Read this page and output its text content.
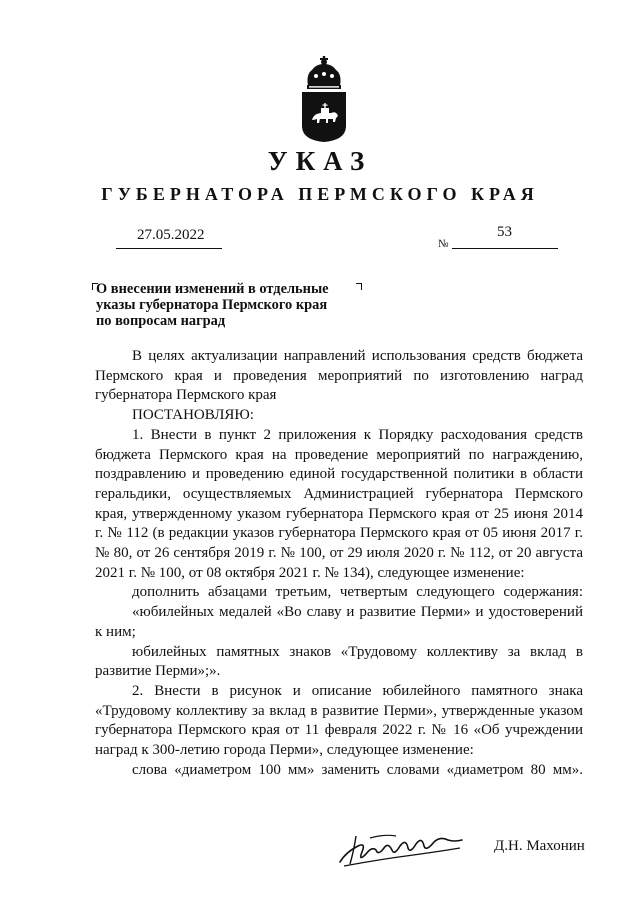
УКАЗ
ГУБЕРНАТОРА ПЕРМСКОГО КРАЯ
27.05.2022	53
№
О внесении изменений в отдельные
указы губернатора Пермского края
по вопросам наград

В целях актуализации направлений использования средств бюджета Пермского края и проведения мероприятий по изготовлению наград губернатора Пермского края

ПОСТАНОВЛЯЮ:

1. Внести в пункт 2 приложения к Порядку расходования средств бюджета Пермского края на проведение мероприятий по награждению, поздравлению и проведению единой государственной политики в области геральдики, осуществляемых Администрацией губернатора Пермского края, утвержденному указом губернатора Пермского края от 25 июня 2014 г. № 112 (в редакции указов губернатора Пермского края от 05 июня 2017 г. № 80, от 26 сентября 2019 г. № 100, от 29 июля 2020 г. № 112, от 20 августа 2021 г. № 100, от 08 октября 2021 г. № 134), следующее изменение:

дополнить абзацами третьим, четвертым следующего содержания:

«юбилейных медалей «Во славу и развитие Перми» и удостоверений к ним;

юбилейных памятных знаков «Трудовому коллективу за вклад в развитие Перми»;».

2. Внести в рисунок и описание юбилейного памятного знака «Трудовому коллективу за вклад в развитие Перми», утвержденные указом губернатора Пермского края от 11 февраля 2022 г. № 16 «Об учреждении наград к 300-летию города Перми», следующее изменение:

слова «диаметром 100 мм» заменить словами «диаметром 80 мм».

Д.Н. Махонин
